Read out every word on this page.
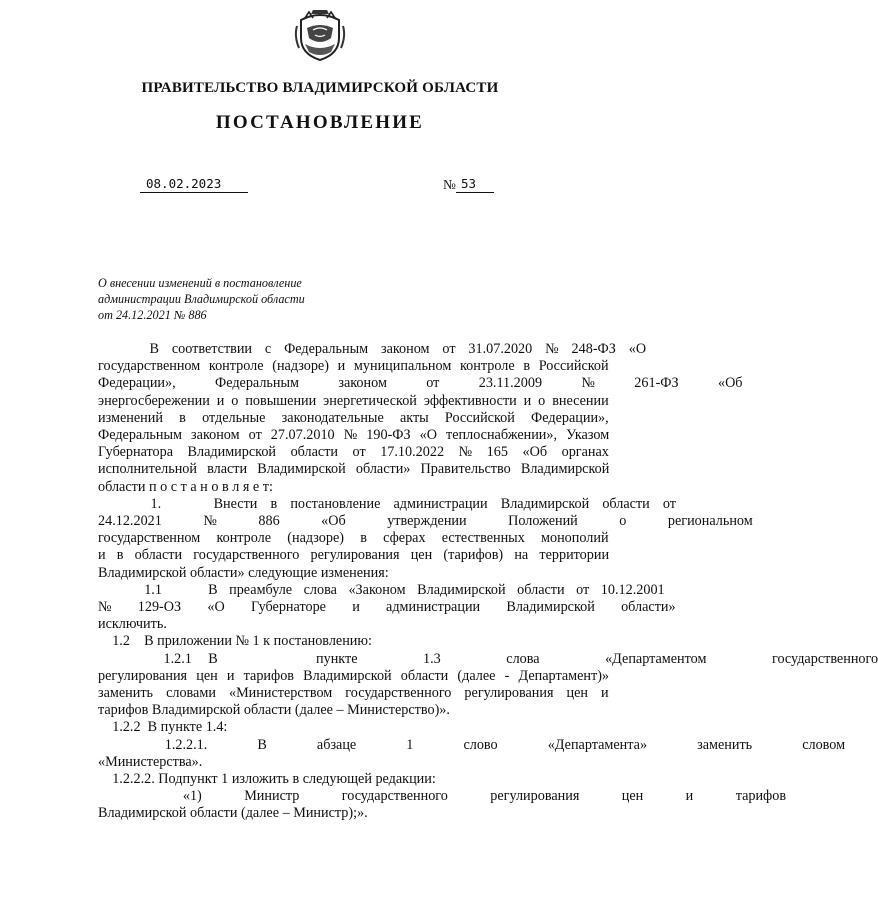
ПРАВИТЕЛЬСТВО ВЛАДИМИРСКОЙ ОБЛАСТИ
ПОСТАНОВЛЕНИЕ
08.02.2023	№ 53
О внесении изменений в постановление
администрации Владимирской области
от 24.12.2021 № 886
В соответствии с Федеральным законом от 31.07.2020 № 248-ФЗ «О
государственном контроле (надзоре) и муниципальном контроле в Российской
Федерации»,   Федеральным   законом   от   23.11.2009   №   261-ФЗ   «Об
энергосбережении и о повышении энергетической эффективности и о внесении
изменений в отдельные законодательные акты Российской Федерации»,
Федеральным законом от 27.07.2010 № 190-ФЗ «О теплоснабжении», Указом
Губернатора Владимирской области от 17.10.2022 № 165 «Об органах
исполнительной власти Владимирской области» Правительство Владимирской
области п о с т а н о в л я е т:
1.    Внести в постановление администрации Владимирской области от
24.12.2021   №   886   «Об   утверждении   Положений   о   региональном
государственном контроле (надзоре) в сферах естественных монополий
и в области государственного регулирования цен (тарифов) на территории
Владимирской области» следующие изменения:
1.1    В преамбуле слова «Законом Владимирской области от 10.12.2001
№  129-ОЗ  «О  Губернаторе  и  администрации  Владимирской  области»
исключить.
1.2    В приложении № 1 к постановлению:
1.2.1 В      пункте    1.3    слова    «Департаментом    государственного
регулирования цен и тарифов Владимирской области (далее - Департамент)»
заменить словами «Министерством государственного регулирования цен и
тарифов Владимирской области (далее – Министерство)».
1.2.2  В пункте 1.4:
1.2.2.1.   В   абзаце   1   слово   «Департамента»   заменить   словом
«Министерства».
1.2.2.2. Подпункт 1 изложить в следующей редакции:
«1)  Министр  государственного  регулирования  цен  и  тарифов
Владимирской области (далее – Министр);».
